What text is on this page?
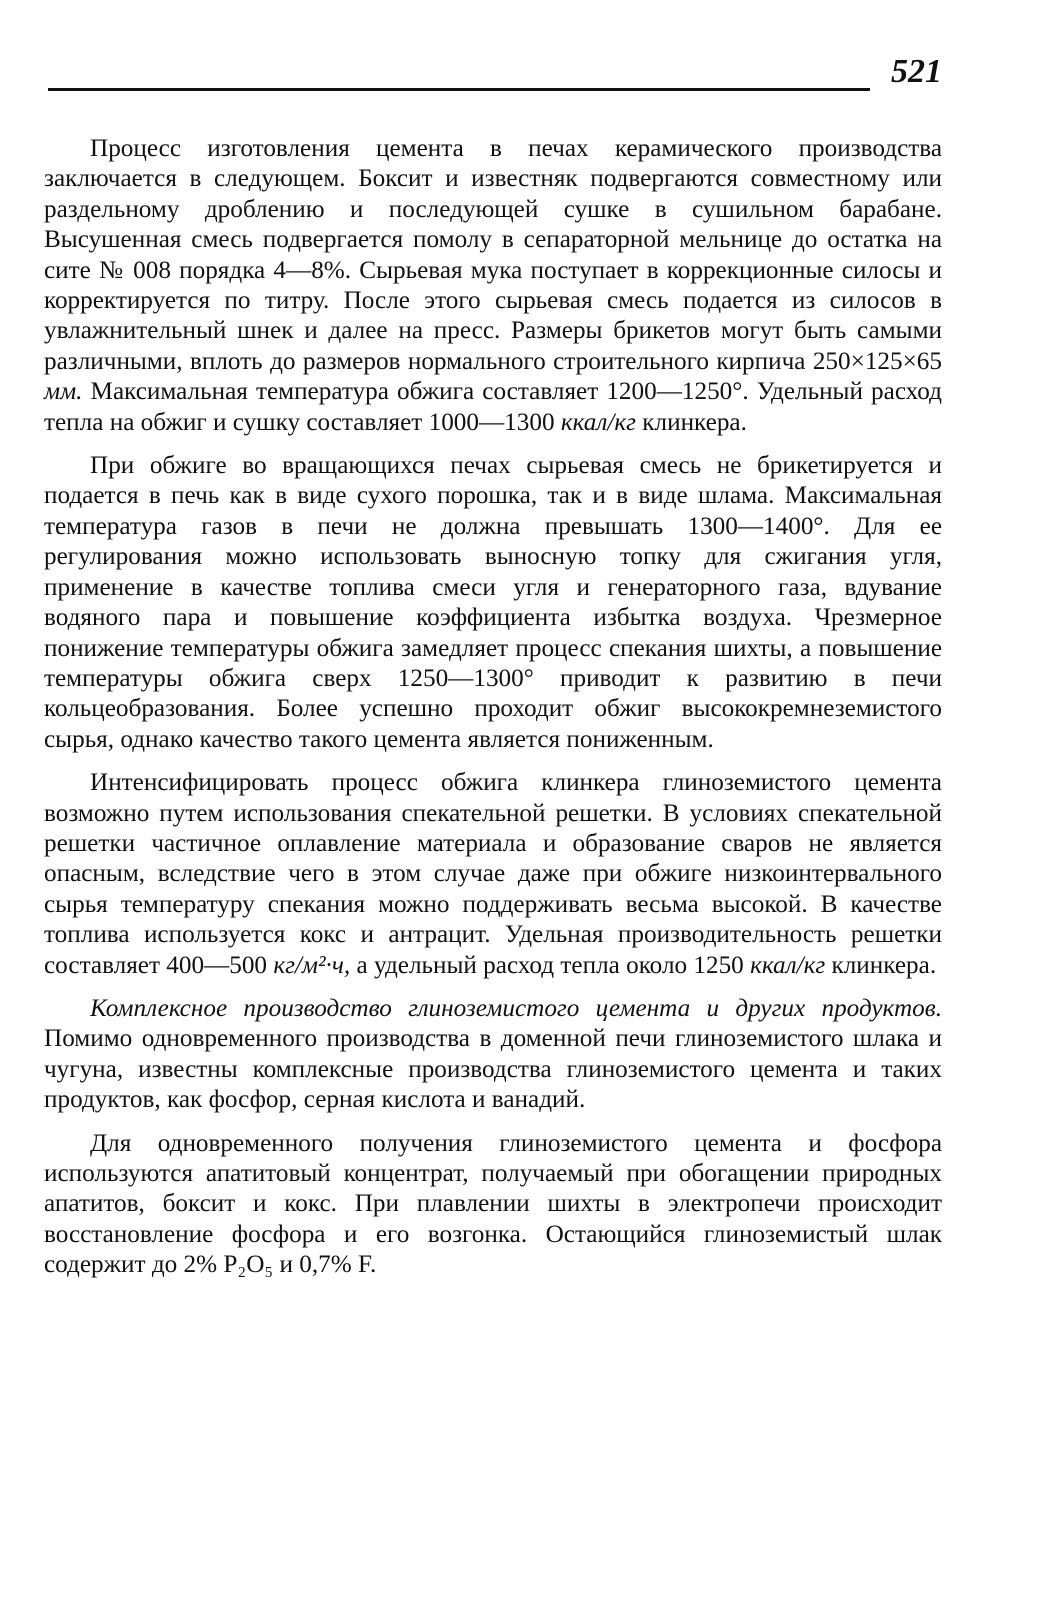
521

Процесс изготовления цемента в печах керамического производства заключается в следующем. Боксит и известняк подвергаются совместному или раздельному дроблению и последующей сушке в сушильном барабане. Высушенная смесь подвергается помолу в сепараторной мельнице до остатка на сите № 008 порядка 4—8%. Сырьевая мука поступает в коррекционные силосы и корректируется по титру. После этого сырьевая смесь подается из силосов в увлажнительный шнек и далее на пресс. Размеры брикетов могут быть самыми различными, вплоть до размеров нормального строительного кирпича 250×125×65 мм. Максимальная температура обжига составляет 1200—1250°. Удельный расход тепла на обжиг и сушку составляет 1000—1300 ккал/кг клинкера.

При обжиге во вращающихся печах сырьевая смесь не брикетируется и подается в печь как в виде сухого порошка, так и в виде шлама. Максимальная температура газов в печи не должна превышать 1300—1400°. Для ее регулирования можно использовать выносную топку для сжигания угля, применение в качестве топлива смеси угля и генераторного газа, вдувание водяного пара и повышение коэффициента избытка воздуха. Чрезмерное понижение температуры обжига замедляет процесс спекания шихты, а повышение температуры обжига сверх 1250—1300° приводит к развитию в печи кольцеобразования. Более успешно проходит обжиг высококремнеземистого сырья, однако качество такого цемента является пониженным.

Интенсифицировать процесс обжига клинкера глиноземистого цемента возможно путем использования спекательной решетки. В условиях спекательной решетки частичное оплавление материала и образование сваров не является опасным, вследствие чего в этом случае даже при обжиге низкоинтервального сырья температуру спекания можно поддерживать весьма высокой. В качестве топлива используется кокс и антрацит. Удельная производительность решетки составляет 400—500 кг/м²·ч, а удельный расход тепла около 1250 ккал/кг клинкера.

Комплексное производство глиноземистого цемента и других продуктов. Помимо одновременного производства в доменной печи глиноземистого шлака и чугуна, известны комплексные производства глиноземистого цемента и таких продуктов, как фосфор, серная кислота и ванадий.

Для одновременного получения глиноземистого цемента и фосфора используются апатитовый концентрат, получаемый при обогащении природных апатитов, боксит и кокс. При плавлении шихты в электропечи происходит восстановление фосфора и его возгонка. Остающийся глиноземистый шлак содержит до 2% P₂O₅ и 0,7% F.
